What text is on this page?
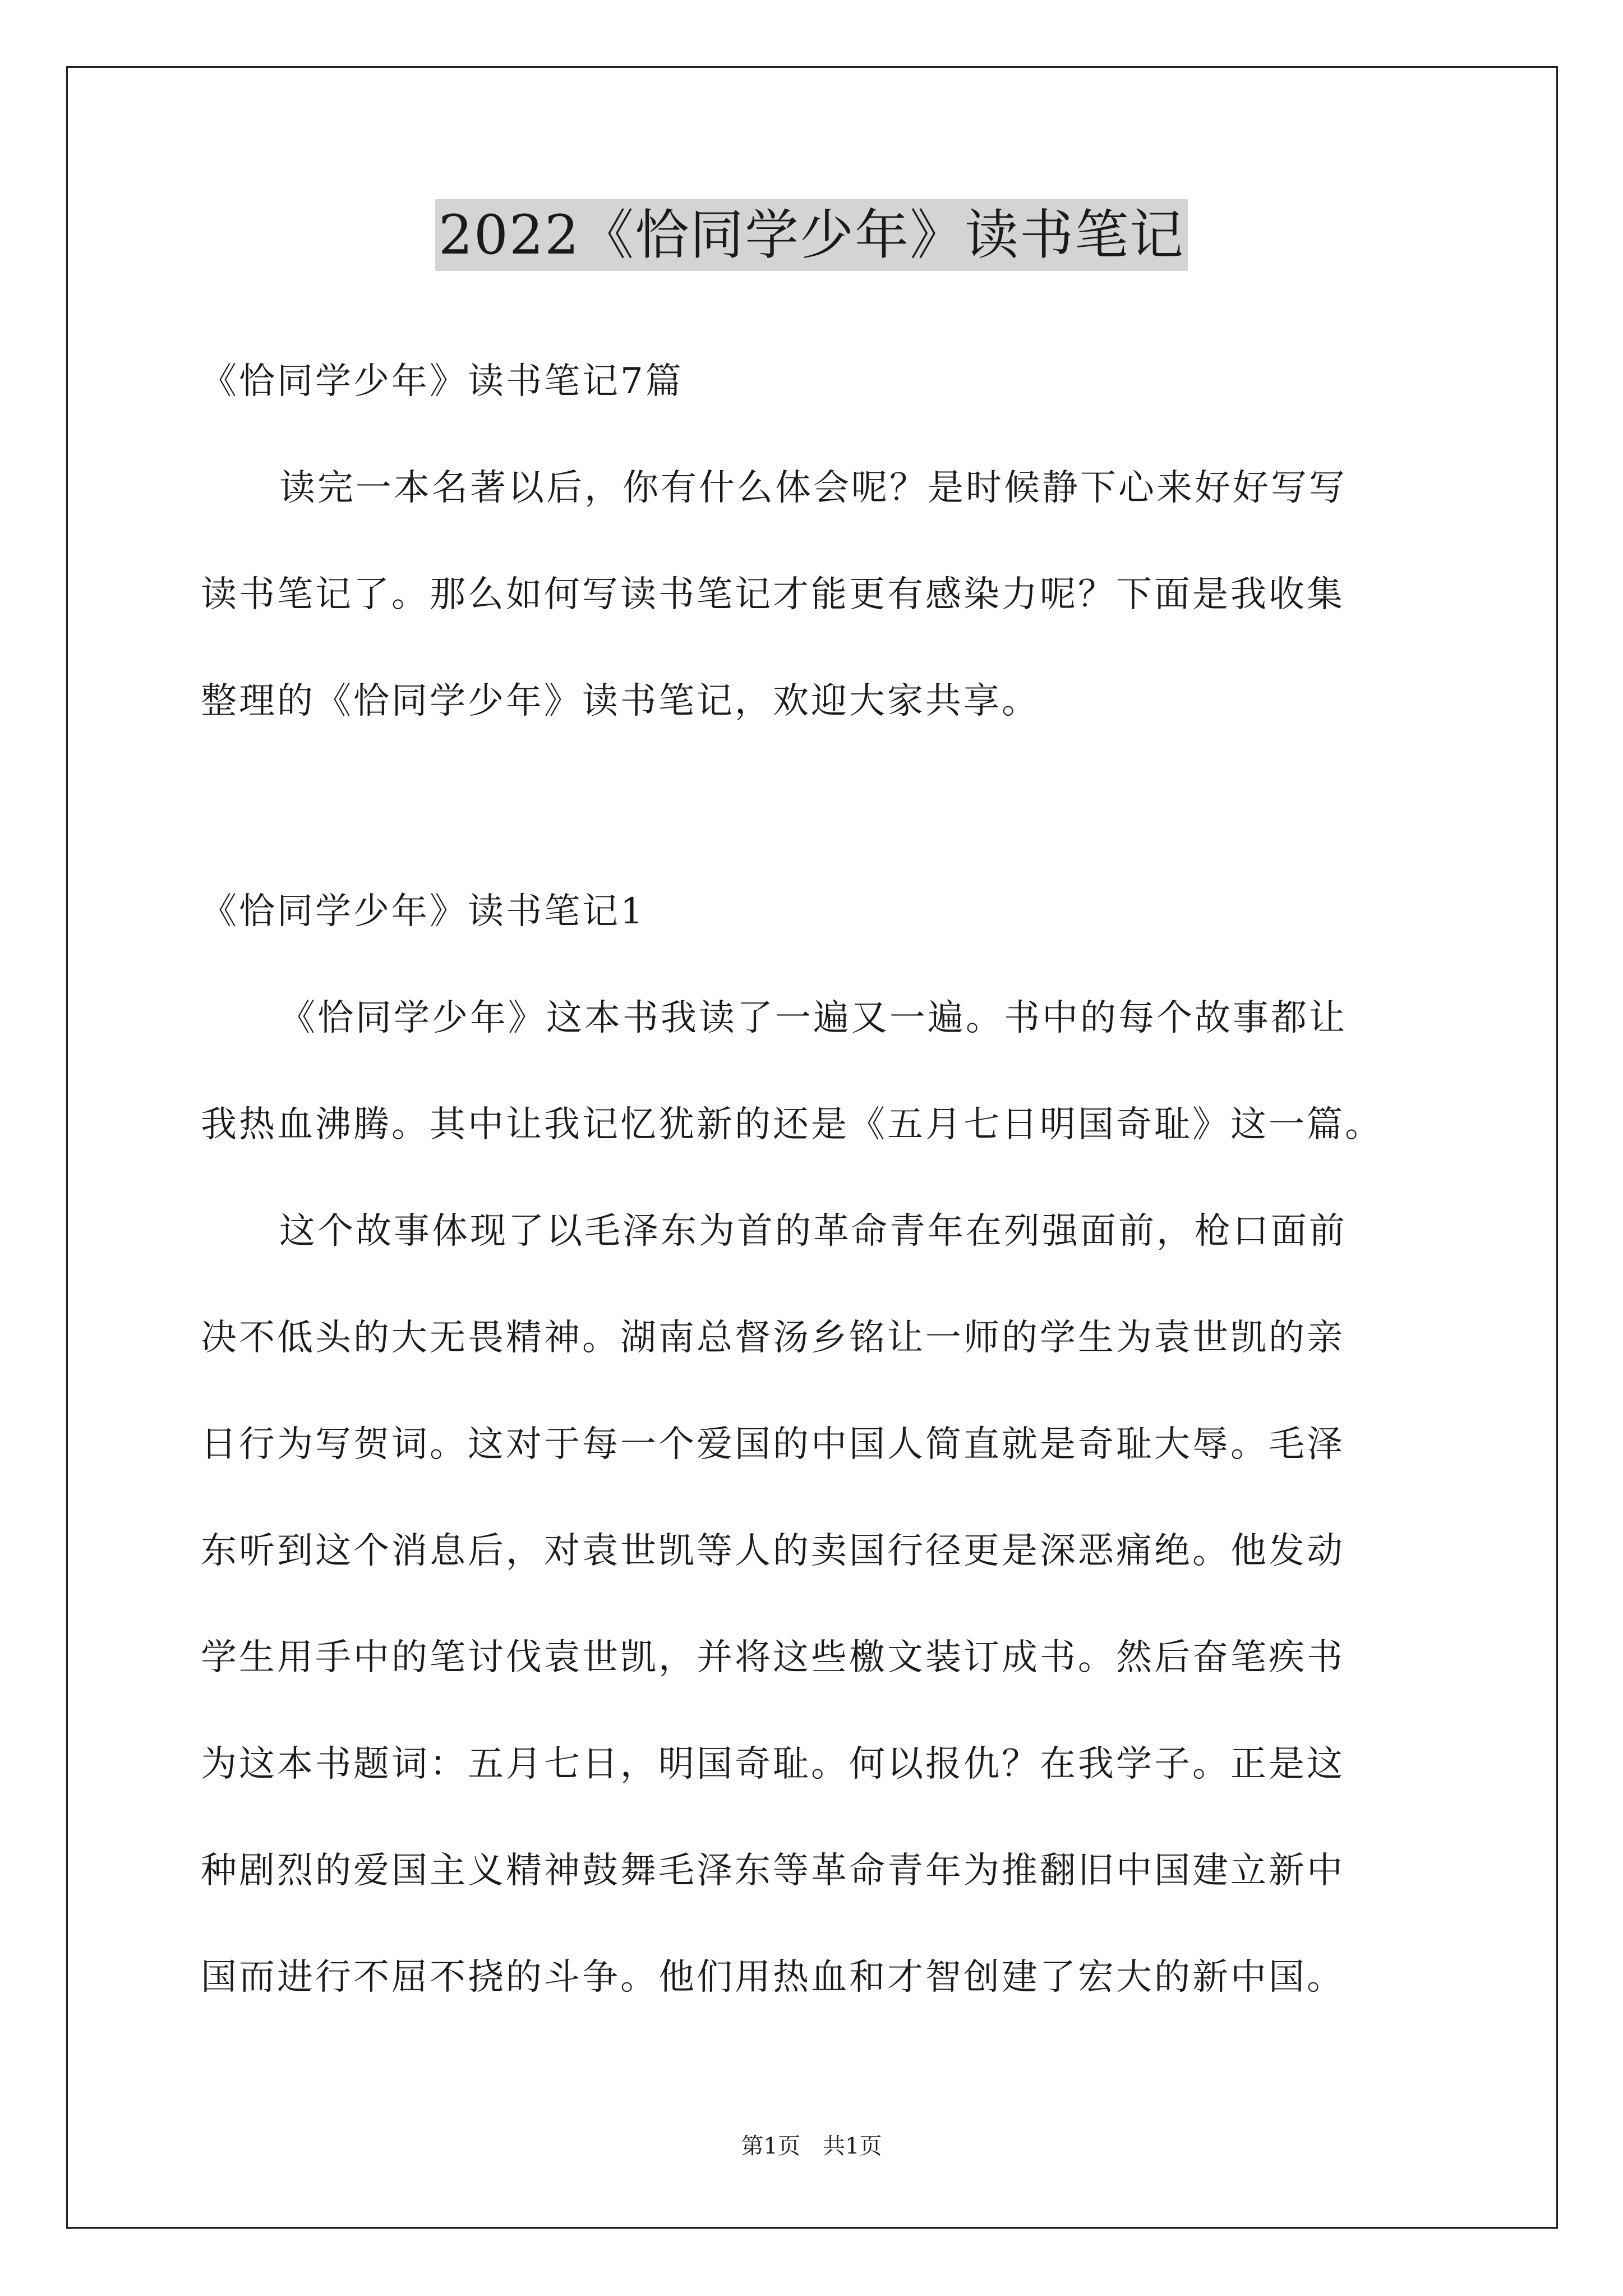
2022《恰同学少年》读书笔记
《恰同学少年》读书笔记7篇
读完一本名著以后，你有什么体会呢？是时候静下心来好好写写
读书笔记了。那么如何写读书笔记才能更有感染力呢？下面是我收集
整理的《恰同学少年》读书笔记，欢迎大家共享。
《恰同学少年》读书笔记1
《恰同学少年》这本书我读了一遍又一遍。书中的每个故事都让
我热血沸腾。其中让我记忆犹新的还是《五月七日明国奇耻》这一篇。
这个故事体现了以毛泽东为首的革命青年在列强面前，枪口面前
决不低头的大无畏精神。湖南总督汤乡铭让一师的学生为袁世凯的亲
日行为写贺词。这对于每一个爱国的中国人简直就是奇耻大辱。毛泽
东听到这个消息后，对袁世凯等人的卖国行径更是深恶痛绝。他发动
学生用手中的笔讨伐袁世凯，并将这些檄文装订成书。然后奋笔疾书
为这本书题词：五月七日，明国奇耻。何以报仇？在我学子。正是这
种剧烈的爱国主义精神鼓舞毛泽东等革命青年为推翻旧中国建立新中
国而进行不屈不挠的斗争。他们用热血和才智创建了宏大的新中国。
第1页 共1页
